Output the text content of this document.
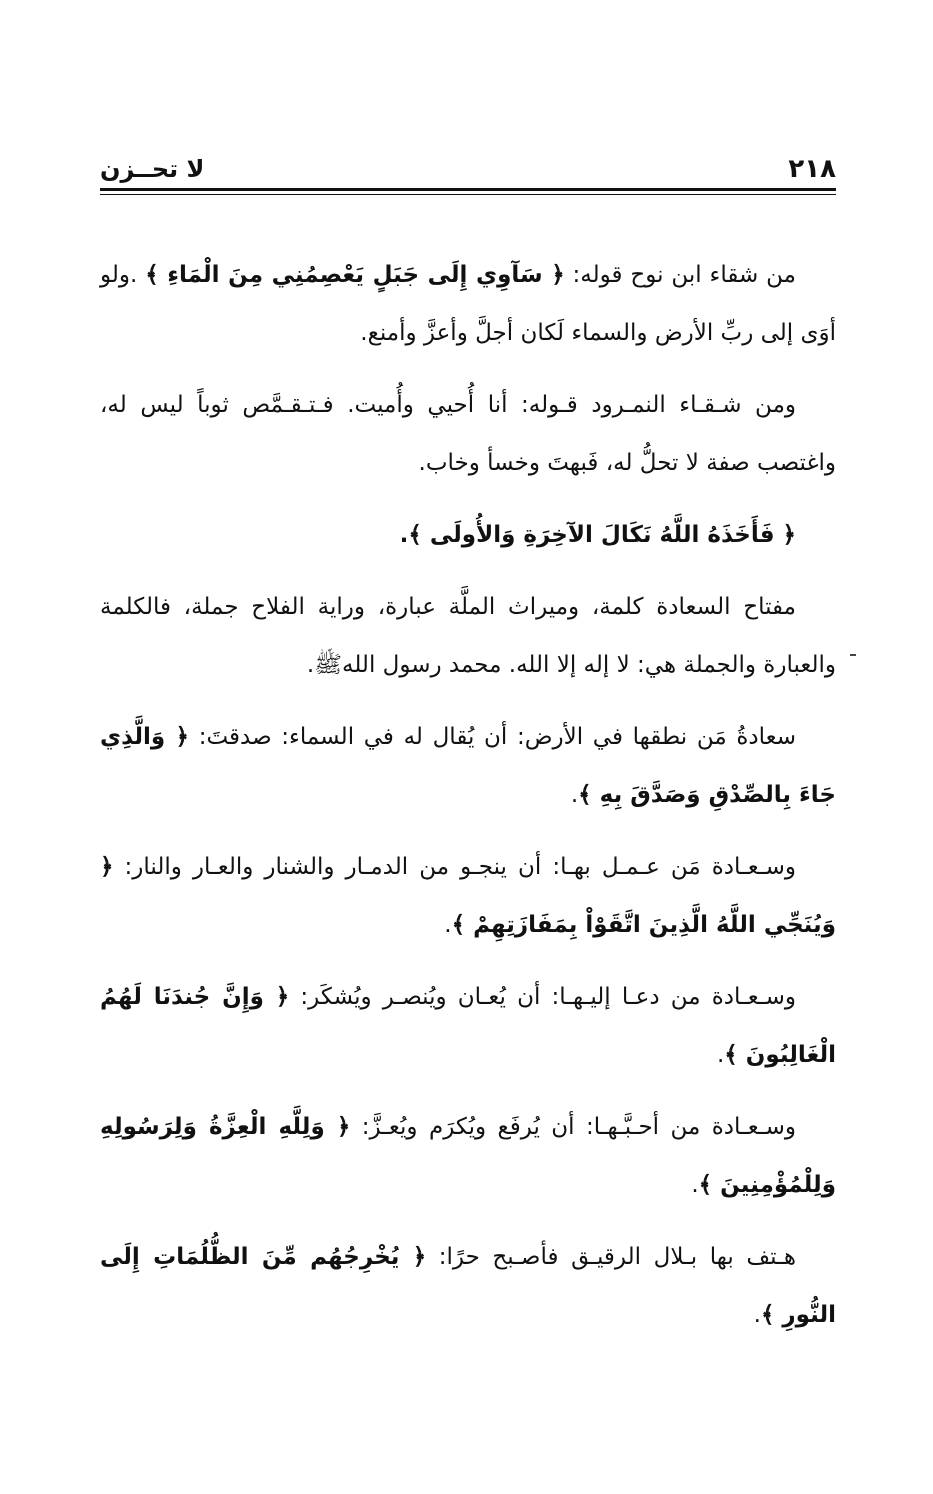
٢١٨
لا تحــزن

من شقاء ابن نوح قوله: ﴿ سَآوِي إِلَى جَبَلٍ يَعْصِمُنِي مِنَ الْمَاءِ ﴾ .ولو أوَى إلى ربِّ الأرض والسماء لَكان أجلَّ وأعزَّ وأمنع.

ومن شـقـاء النمـرود قـوله: أنا أُحيي وأُميت. فـتـقـمَّص ثوباً ليس له، واغتصب صفة لا تحلُّ له، فَبهتَ وخسأ وخاب.

﴿ فَأَخَذَهُ اللَّهُ نَكَالَ الآخِرَةِ وَالأُولَى ﴾.

مفتاح السعادة كلمة، وميراث الملَّة عبارة، وراية الفلاح جملة، فالكلمة والعبارة والجملة هي: لا إله إلا الله. محمد رسول اللهﷺ.

سعادةُ مَن نطقها في الأرض: أن يُقال له في السماء: صدقتَ: ﴿ وَالَّذِي جَاءَ بِالصِّدْقِ وَصَدَّقَ بِهِ ﴾.

وسـعـادة مَن عـمـل بهـا: أن ينجـو من الدمـار والشنار والعـار والنار: ﴿ وَيُنَجِّي اللَّهُ الَّذِينَ اتَّقَوْاْ بِمَفَازَتِهِمْ ﴾.

وسـعـادة من دعـا إليـهـا: أن يُعـان ويُنصـر ويُشكَر: ﴿ وَإِنَّ جُندَنَا لَهُمُ الْغَالِبُونَ ﴾.

وسـعـادة من أحـبَّـهـا: أن يُرفَع ويُكرَم ويُعـزَّ: ﴿ وَلِلَّهِ الْعِزَّةُ وَلِرَسُولِهِ وَلِلْمُؤْمِنِينَ ﴾.

هـتف بها بـلال الرقيـق فأصـبح حرًا: ﴿ يُخْرِجُهُم مِّنَ الظُّلُمَاتِ إِلَى النُّورِ ﴾.
